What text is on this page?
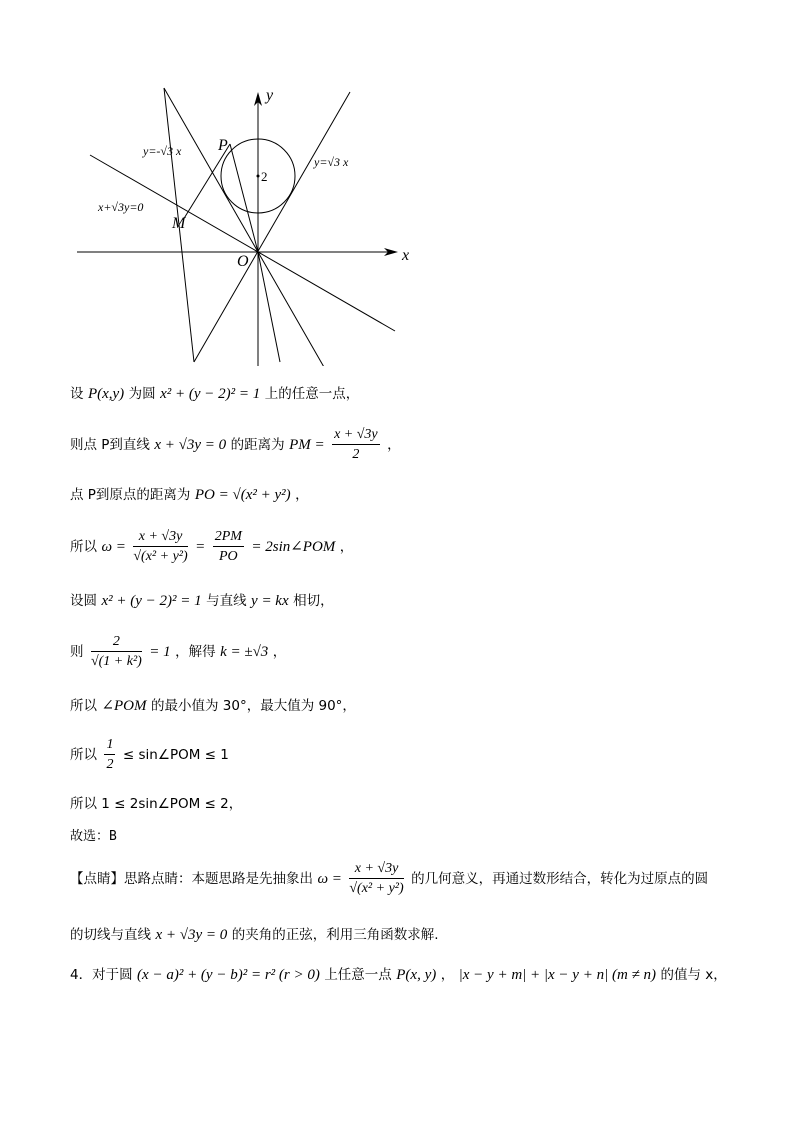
y
x
O
P
M
2
y=-√3 x
y=√3 x
x+√3y=0
设 P(x,y) 为圆 x² + (y − 2)² = 1 上的任意一点，
则点 P到直线 x + √3y = 0 的距离为 PM = $\frac{x + √3y}{2}$ ，
点 P到原点的距离为 PO = √(x² + y²) ，
所以 $\omega = \frac{x + √3y}{\text{√(x² + y²)}} = \frac{2PM}{PO}$ = 2sin∠POM ，
设圆 x² + (y − 2)² = 1 与直线 y = kx 相切，
则 $\frac{2}{\text{√(1 + k²)}} = 1$ ，解得 k = ±√3 ，
所以 ∠POM 的最小值为 30°，最大值为 90°，
所以 $\frac{1}{2}$ ≤ sin∠POM ≤ 1
所以 1 ≤ 2sin∠POM ≤ 2，
故选：B
【点睛】思路点睛：本题思路是先抽象出 $\omega = \frac{x + √3y}{\text{√(x² + y²)}}$ 的几何意义，再通过数形结合，转化为过原点的圆
的切线与直线 x + √3y = 0 的夹角的正弦，利用三角函数求解.
4．对于圆 (x − a)² + (y − b)² = r² (r > 0) 上任意一点 P(x, y) ， |x − y + m| + |x − y + n| (m ≠ n) 的值与 x，
